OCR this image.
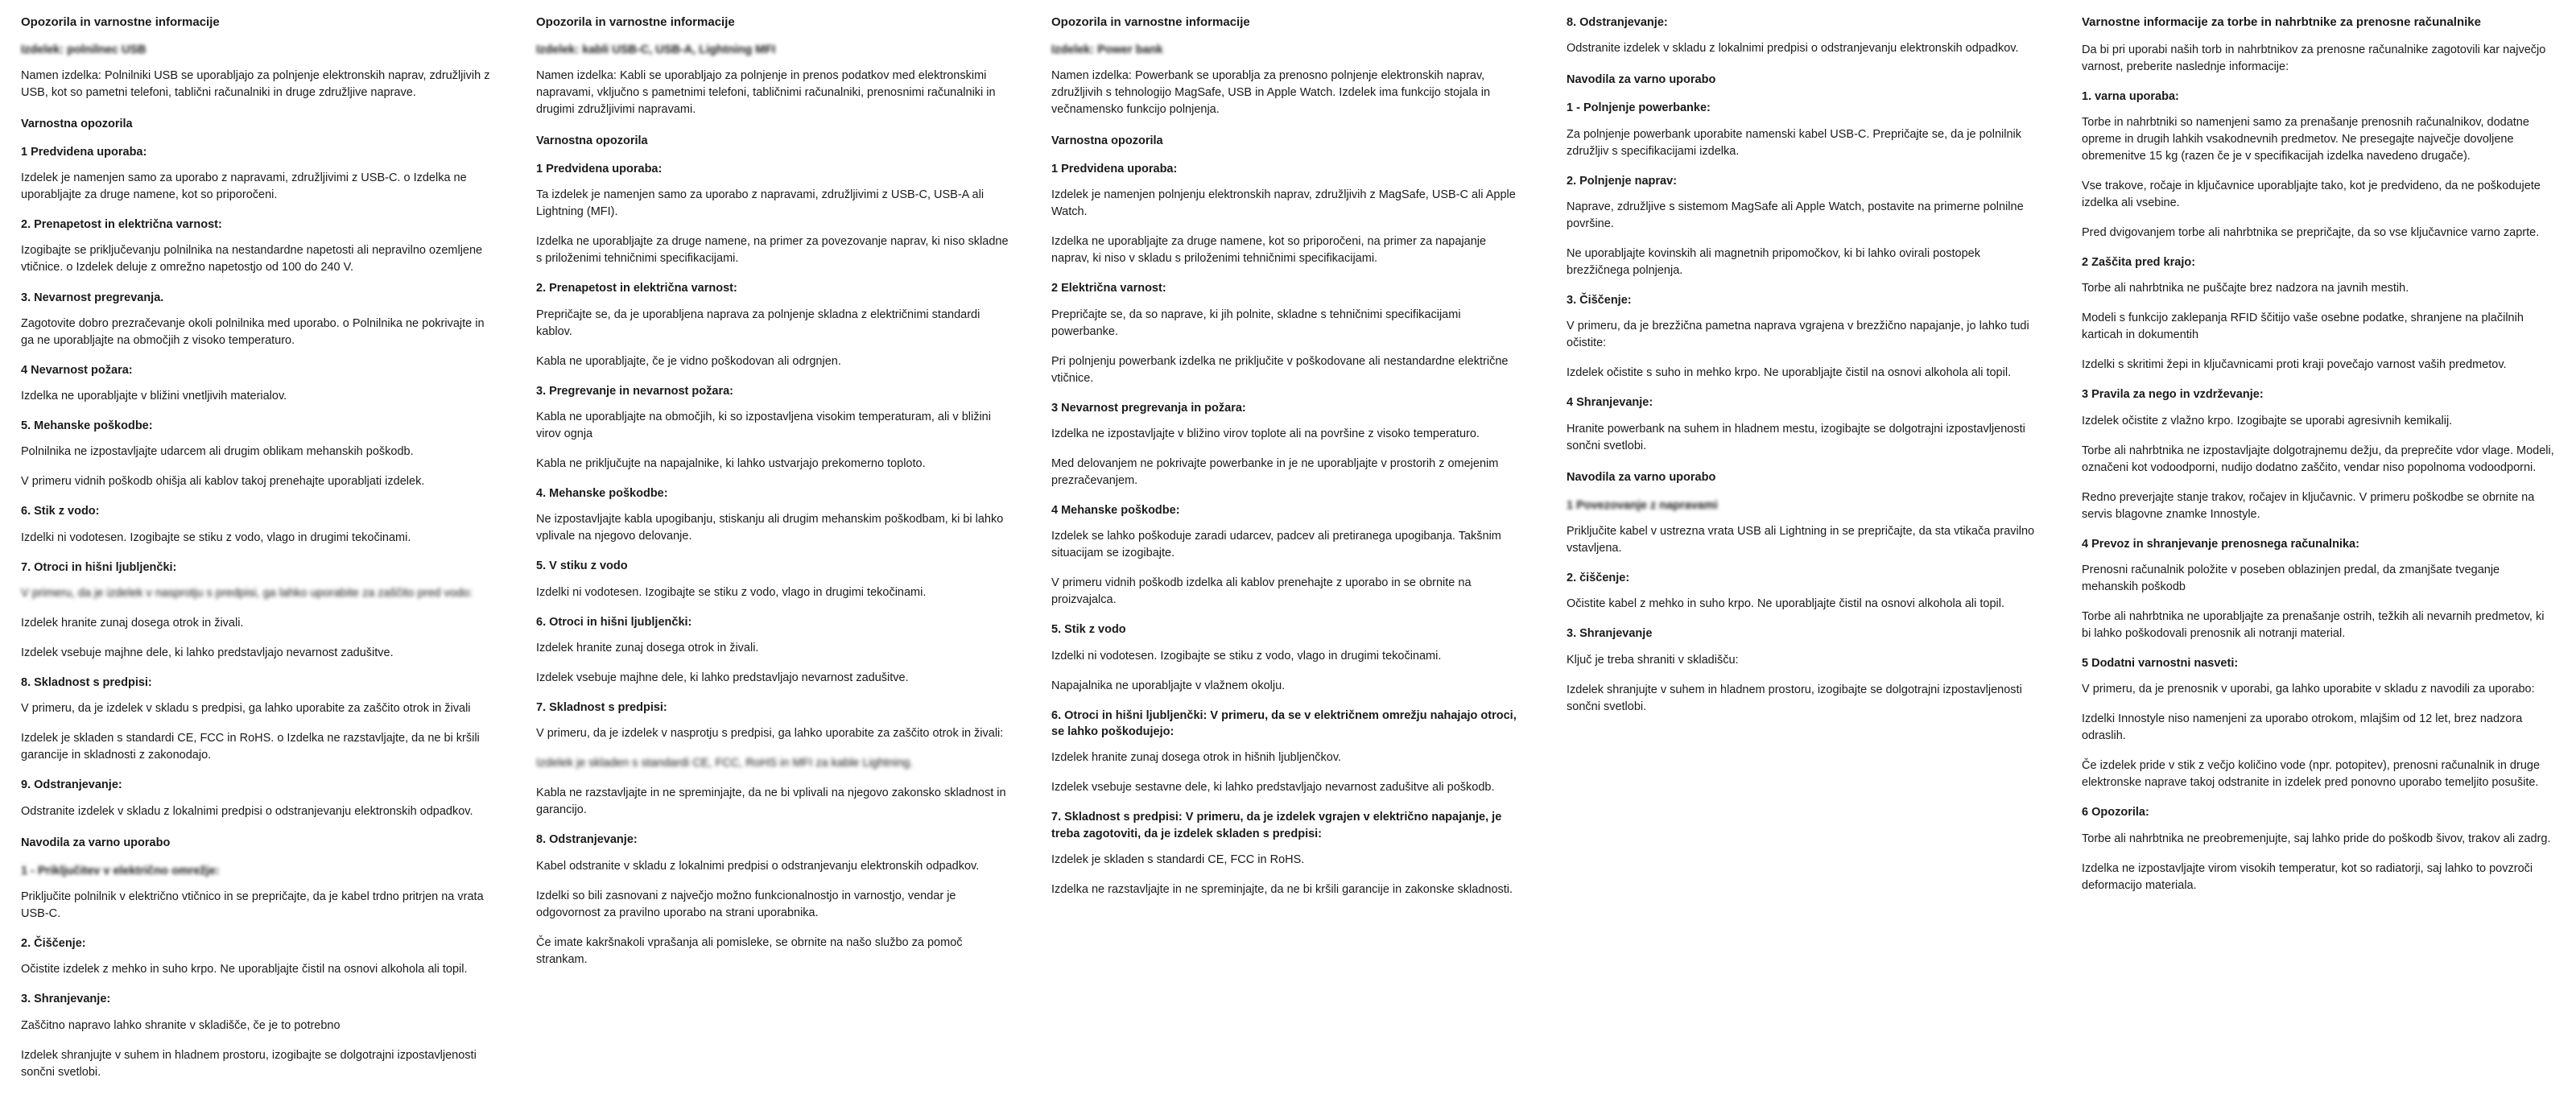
Opozorila in varnostne informacije
Izdelek: polnilnec USB

Namen izdelka: Polnilniki USB se uporabljajo za polnjenje elektronskih naprav, združljivih z USB, kot so pametni telefoni, tablični računalniki in druge združljive naprave.

Varnostna opozorila
1 Predvidena uporaba:

Izdelek je namenjen samo za uporabo z napravami, združljivimi z USB-C. o Izdelka ne uporabljajte za druge namene, kot so priporočeni.

2. Prenapetost in električna varnost:

Izogibajte se priključevanju polnilnika na nestandardne napetosti ali nepravilno ozemljene vtičnice. o Izdelek deluje z omrežno napetostjo od 100 do 240 V.

3. Nevarnost pregrevanja.

Zagotovite dobro prezračevanje okoli polnilnika med uporabo. o Polnilnika ne pokrivajte in ga ne uporabljajte na območjih z visoko temperaturo.

4 Nevarnost požara:

Izdelka ne uporabljajte v bližini vnetljivih materialov.

5. Mehanske poškodbe:

Polnilnika ne izpostavljajte udarcem ali drugim oblikam mehanskih poškodb.

V primeru vidnih poškodb ohišja ali kablov takoj prenehajte uporabljati izdelek.

6. Stik z vodo:

Izdelki ni vodotesen. Izogibajte se stiku z vodo, vlago in drugimi tekočinami.

7. Otroci in hišni ljubljenčki:

V primeru, da je izdelek v nasprotju s predpisi, ga lahko uporabite za zaščito pred vodo:

Izdelek hranite zunaj dosega otrok in živali.

Izdelek vsebuje majhne dele, ki lahko predstavljajo nevarnost zadušitve.

8. Skladnost s predpisi:

V primeru, da je izdelek v skladu s predpisi, ga lahko uporabite za zaščito otrok in živali

Izdelek je skladen s standardi CE, FCC in RoHS. o Izdelka ne razstavljajte, da ne bi kršili garancije in skladnosti z zakonodajo.

9. Odstranjevanje:

Odstranite izdelek v skladu z lokalnimi predpisi o odstranjevanju elektronskih odpadkov.

Navodila za varno uporabo
1 - Priključitev v električno omrežje:

Priključite polnilnik v električno vtičnico in se prepričajte, da je kabel trdno pritrjen na vrata USB-C.

2. Čiščenje:

Očistite izdelek z mehko in suho krpo. Ne uporabljajte čistil na osnovi alkohola ali topil.

3. Shranjevanje:

Zaščitno napravo lahko shranite v skladišče, če je to potrebno

Izdelek shranjujte v suhem in hladnem prostoru, izogibajte se dolgotrajni izpostavljenosti sončni svetlobi.

Opozorila in varnostne informacije
Izdelek: kabli USB-C, USB-A, Lightning MFI

Namen izdelka: Kabli se uporabljajo za polnjenje in prenos podatkov med elektronskimi napravami, vključno s pametnimi telefoni, tabličnimi računalniki, prenosnimi računalniki in drugimi združljivimi napravami.

Varnostna opozorila
1 Predvidena uporaba:

Ta izdelek je namenjen samo za uporabo z napravami, združljivimi z USB-C, USB-A ali Lightning (MFI).

Izdelka ne uporabljajte za druge namene, na primer za povezovanje naprav, ki niso skladne s priloženimi tehničnimi specifikacijami.

2. Prenapetost in električna varnost:

Prepričajte se, da je uporabljena naprava za polnjenje skladna z električnimi standardi kablov.

Kabla ne uporabljajte, če je vidno poškodovan ali odrgnjen.

3. Pregrevanje in nevarnost požara:

Kabla ne uporabljajte na območjih, ki so izpostavljena visokim temperaturam, ali v bližini virov ognja

Kabla ne priključujte na napajalnike, ki lahko ustvarjajo prekomerno toploto.

4. Mehanske poškodbe:

Ne izpostavljajte kabla upogibanju, stiskanju ali drugim mehanskim poškodbam, ki bi lahko vplivale na njegovo delovanje.

5. V stiku z vodo

Izdelki ni vodotesen. Izogibajte se stiku z vodo, vlago in drugimi tekočinami.

6. Otroci in hišni ljubljenčki:

Izdelek hranite zunaj dosega otrok in živali.

Izdelek vsebuje majhne dele, ki lahko predstavljajo nevarnost zadušitve.

7. Skladnost s predpisi:

V primeru, da je izdelek v nasprotju s predpisi, ga lahko uporabite za zaščito otrok in živali:

Izdelek je skladen s standardi CE, FCC, RoHS in MFI za kable Lightning.

Kabla ne razstavljajte in ne spreminjajte, da ne bi vplivali na njegovo zakonsko skladnost in garancijo.

8. Odstranjevanje:

Kabel odstranite v skladu z lokalnimi predpisi o odstranjevanju elektronskih odpadkov.

Izdelki so bili zasnovani z največjo možno funkcionalnostjo in varnostjo, vendar je odgovornost za pravilno uporabo na strani uporabnika.

Če imate kakršnakoli vprašanja ali pomisleke, se obrnite na našo službo za pomoč strankam.

Opozorila in varnostne informacije
Izdelek: Power bank

Namen izdelka: Powerbank se uporablja za prenosno polnjenje elektronskih naprav, združljivih s tehnologijo MagSafe, USB in Apple Watch. Izdelek ima funkcijo stojala in večnamensko funkcijo polnjenja.

Varnostna opozorila
1 Predvidena uporaba:

Izdelek je namenjen polnjenju elektronskih naprav, združljivih z MagSafe, USB-C ali Apple Watch.

Izdelka ne uporabljajte za druge namene, kot so priporočeni, na primer za napajanje naprav, ki niso v skladu s priloženimi tehničnimi specifikacijami.

2 Električna varnost:

Prepričajte se, da so naprave, ki jih polnite, skladne s tehničnimi specifikacijami powerbanke.

Pri polnjenju powerbank izdelka ne priključite v poškodovane ali nestandardne električne vtičnice.

3 Nevarnost pregrevanja in požara:

Izdelka ne izpostavljajte v bližino virov toplote ali na površine z visoko temperaturo.

Med delovanjem ne pokrivajte powerbanke in je ne uporabljajte v prostorih z omejenim prezračevanjem.

4 Mehanske poškodbe:

Izdelek se lahko poškoduje zaradi udarcev, padcev ali pretiranega upogibanja. Takšnim situacijam se izogibajte.

V primeru vidnih poškodb izdelka ali kablov prenehajte z uporabo in se obrnite na proizvajalca.

5. Stik z vodo

Izdelki ni vodotesen. Izogibajte se stiku z vodo, vlago in drugimi tekočinami.

Napajalnika ne uporabljajte v vlažnem okolju.

6. Otroci in hišni ljubljenčki: V primeru, da se v električnem omrežju nahajajo otroci, se lahko poškodujejo:

Izdelek hranite zunaj dosega otrok in hišnih ljubljenčkov.

Izdelek vsebuje sestavne dele, ki lahko predstavljajo nevarnost zadušitve ali poškodb.

7. Skladnost s predpisi: V primeru, da je izdelek vgrajen v električno napajanje, je treba zagotoviti, da je izdelek skladen s predpisi:

Izdelek je skladen s standardi CE, FCC in RoHS.

Izdelka ne razstavljajte in ne spreminjajte, da ne bi kršili garancije in zakonske skladnosti.

8. Odstranjevanje:

Odstranite izdelek v skladu z lokalnimi predpisi o odstranjevanju elektronskih odpadkov.

Navodila za varno uporabo
1 - Polnjenje powerbanke:

Za polnjenje powerbank uporabite namenski kabel USB-C. Prepričajte se, da je polnilnik združljiv s specifikacijami izdelka.

2. Polnjenje naprav:

Naprave, združljive s sistemom MagSafe ali Apple Watch, postavite na primerne polnilne površine.

Ne uporabljajte kovinskih ali magnetnih pripomočkov, ki bi lahko ovirali postopek brezžičnega polnjenja.

3. Čiščenje:

V primeru, da je brezžična pametna naprava vgrajena v brezžično napajanje, jo lahko tudi očistite:

Izdelek očistite s suho in mehko krpo. Ne uporabljajte čistil na osnovi alkohola ali topil.

4 Shranjevanje:

Hranite powerbank na suhem in hladnem mestu, izogibajte se dolgotrajni izpostavljenosti sončni svetlobi.

Navodila za varno uporabo
1 Povezovanje z napravami

Priključite kabel v ustrezna vrata USB ali Lightning in se prepričajte, da sta vtikača pravilno vstavljena.

2. čiščenje:

Očistite kabel z mehko in suho krpo. Ne uporabljajte čistil na osnovi alkohola ali topil.

3. Shranjevanje

Ključ je treba shraniti v skladišču:

Izdelek shranjujte v suhem in hladnem prostoru, izogibajte se dolgotrajni izpostavljenosti sončni svetlobi.

Varnostne informacije za torbe in nahrbtnike za prenosne računalnike

Da bi pri uporabi naših torb in nahrbtnikov za prenosne računalnike zagotovili kar največjo varnost, preberite naslednje informacije:

1. varna uporaba:

Torbe in nahrbtniki so namenjeni samo za prenašanje prenosnih računalnikov, dodatne opreme in drugih lahkih vsakodnevnih predmetov. Ne presegajte največje dovoljene obremenitve 15 kg (razen če je v specifikacijah izdelka navedeno drugače).

Vse trakove, ročaje in ključavnice uporabljajte tako, kot je predvideno, da ne poškodujete izdelka ali vsebine.

Pred dvigovanjem torbe ali nahrbtnika se prepričajte, da so vse ključavnice varno zaprte.

2 Zaščita pred krajo:

Torbe ali nahrbtnika ne puščajte brez nadzora na javnih mestih.

Modeli s funkcijo zaklepanja RFID ščitijo vaše osebne podatke, shranjene na plačilnih karticah in dokumentih

Izdelki s skritimi žepi in ključavnicami proti kraji povečajo varnost vaših predmetov.

3 Pravila za nego in vzdrževanje:

Izdelek očistite z vlažno krpo. Izogibajte se uporabi agresivnih kemikalij.

Torbe ali nahrbtnika ne izpostavljajte dolgotrajnemu dežju, da preprečite vdor vlage. Modeli, označeni kot vodoodporni, nudijo dodatno zaščito, vendar niso popolnoma vodoodporni.

Redno preverjajte stanje trakov, ročajev in ključavnic. V primeru poškodbe se obrnite na servis blagovne znamke Innostyle.

4 Prevoz in shranjevanje prenosnega računalnika:

Prenosni računalnik položite v poseben oblazinjen predal, da zmanjšate tveganje mehanskih poškodb

Torbe ali nahrbtnika ne uporabljajte za prenašanje ostrih, težkih ali nevarnih predmetov, ki bi lahko poškodovali prenosnik ali notranji material.

5 Dodatni varnostni nasveti:

V primeru, da je prenosnik v uporabi, ga lahko uporabite v skladu z navodili za uporabo:

Izdelki Innostyle niso namenjeni za uporabo otrokom, mlajšim od 12 let, brez nadzora odraslih.

Če izdelek pride v stik z večjo količino vode (npr. potopitev), prenosni računalnik in druge elektronske naprave takoj odstranite in izdelek pred ponovno uporabo temeljito posušite.

6 Opozorila:

Torbe ali nahrbtnika ne preobremenjujte, saj lahko pride do poškodb šivov, trakov ali zadrg.

Izdelka ne izpostavljajte virom visokih temperatur, kot so radiatorji, saj lahko to povzroči deformacijo materiala.
